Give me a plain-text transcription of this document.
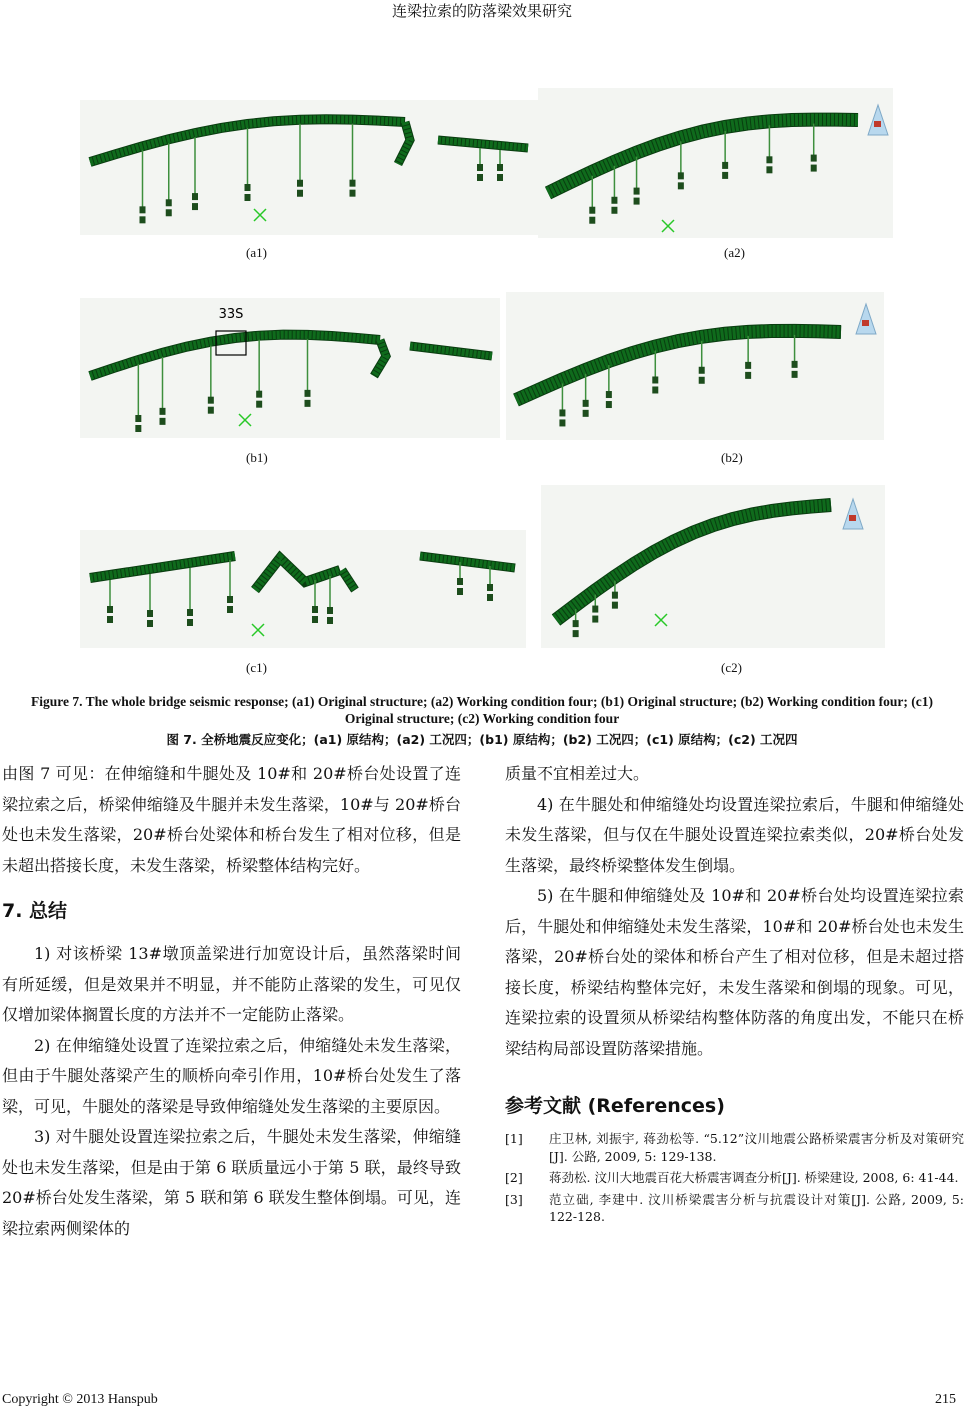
连梁拉索的防落梁效果研究
33S
(a1)	(a2)
(b1)	(b2)
(c1)	(c2)
Figure 7. The whole bridge seismic response; (a1) Original structure; (a2) Working condition four; (b1) Original structure; (b2) Working condition four; (c1) Original structure; (c2) Working condition four
图 7. 全桥地震反应变化；(a1) 原结构；(a2) 工况四；(b1) 原结构；(b2) 工况四；(c1) 原结构；(c2) 工况四

由图 7 可见：在伸缩缝和牛腿处及 10#和 20#桥台处设置了连梁拉索之后，桥梁伸缩缝及牛腿并未发生落梁，10#与 20#桥台处也未发生落梁，20#桥台处梁体和桥台发生了相对位移，但是未超出搭接长度，未发生落梁，桥梁整体结构完好。

7. 总结

1) 对该桥梁 13#墩顶盖梁进行加宽设计后，虽然落梁时间有所延缓，但是效果并不明显，并不能防止落梁的发生，可见仅仅增加梁体搁置长度的方法并不一定能防止落梁。

2) 在伸缩缝处设置了连梁拉索之后，伸缩缝处未发生落梁，但由于牛腿处落梁产生的顺桥向牵引作用，10#桥台处发生了落梁，可见，牛腿处的落梁是导致伸缩缝处发生落梁的主要原因。

3) 对牛腿处设置连梁拉索之后，牛腿处未发生落梁，伸缩缝处也未发生落梁，但是由于第 6 联质量远小于第 5 联，最终导致 20#桥台处发生落梁，第 5 联和第 6 联发生整体倒塌。可见，连梁拉索两侧梁体的

质量不宜相差过大。

4) 在牛腿处和伸缩缝处均设置连梁拉索后，牛腿和伸缩缝处未发生落梁，但与仅在牛腿处设置连梁拉索类似，20#桥台处发生落梁，最终桥梁整体发生倒塌。

5) 在牛腿和伸缩缝处及 10#和 20#桥台处均设置连梁拉索后，牛腿处和伸缩缝处未发生落梁，10#和 20#桥台处也未发生落梁，20#桥台处的梁体和桥台产生了相对位移，但是未超过搭接长度，桥梁结构整体完好，未发生落梁和倒塌的现象。可见，连梁拉索的设置须从桥梁结构整体防落的角度出发，不能只在桥梁结构局部设置防落梁措施。

参考文献 (References)
[1]	庄卫林, 刘振宇, 蒋劲松等. “5.12”汶川地震公路桥梁震害分析及对策研究[J]. 公路, 2009, 5: 129-138.
[2]	蒋劲松. 汶川大地震百花大桥震害调查分析[J]. 桥梁建设, 2008, 6: 41-44.
[3]	范立础, 李建中. 汶川桥梁震害分析与抗震设计对策[J]. 公路, 2009, 5: 122-128.
Copyright © 2013 Hanspub	215
